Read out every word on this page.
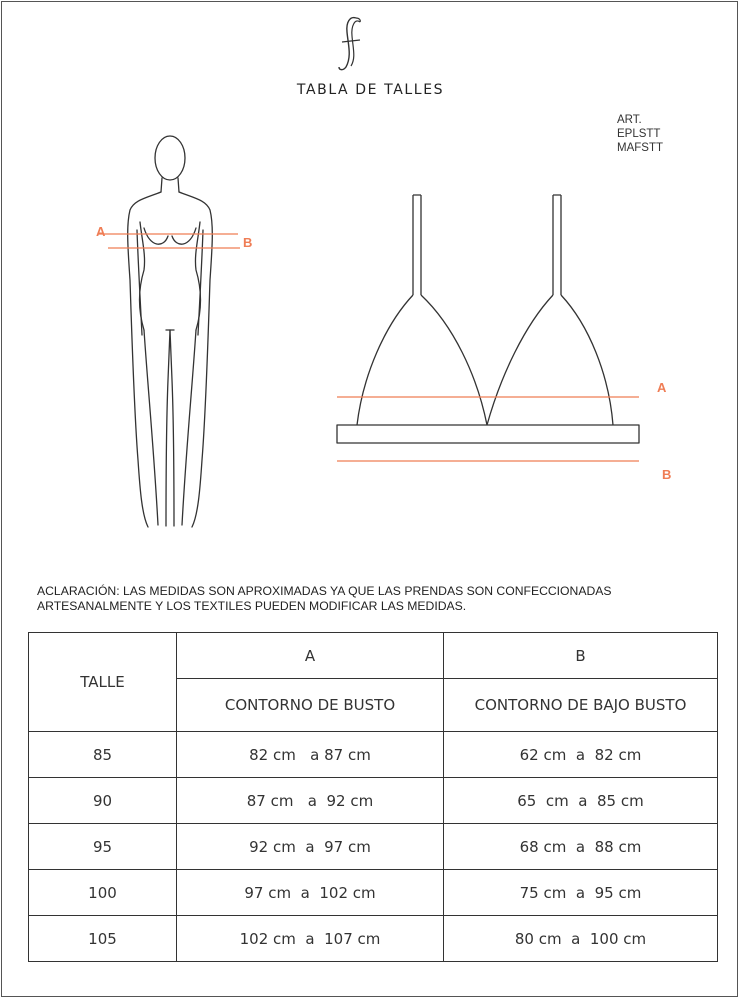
TABLA DE TALLES
ART.
EPLSTT
MAFSTT
A
B
A
B
ACLARACIÓN: LAS MEDIDAS SON APROXIMADAS YA QUE LAS PRENDAS SON CONFECCIONADAS
ARTESANALMENTE Y LOS TEXTILES PUEDEN MODIFICAR LAS MEDIDAS.
TALLE	A	B
	CONTORNO DE BUSTO	CONTORNO DE BAJO BUSTO
85	82 cm   a 87 cm	62 cm  a  82 cm
90	87 cm   a  92 cm	65  cm  a  85 cm
95	92 cm  a  97 cm	68 cm  a  88 cm
100	97 cm  a  102 cm	75 cm  a  95 cm
105	102 cm  a  107 cm	80 cm  a  100 cm
